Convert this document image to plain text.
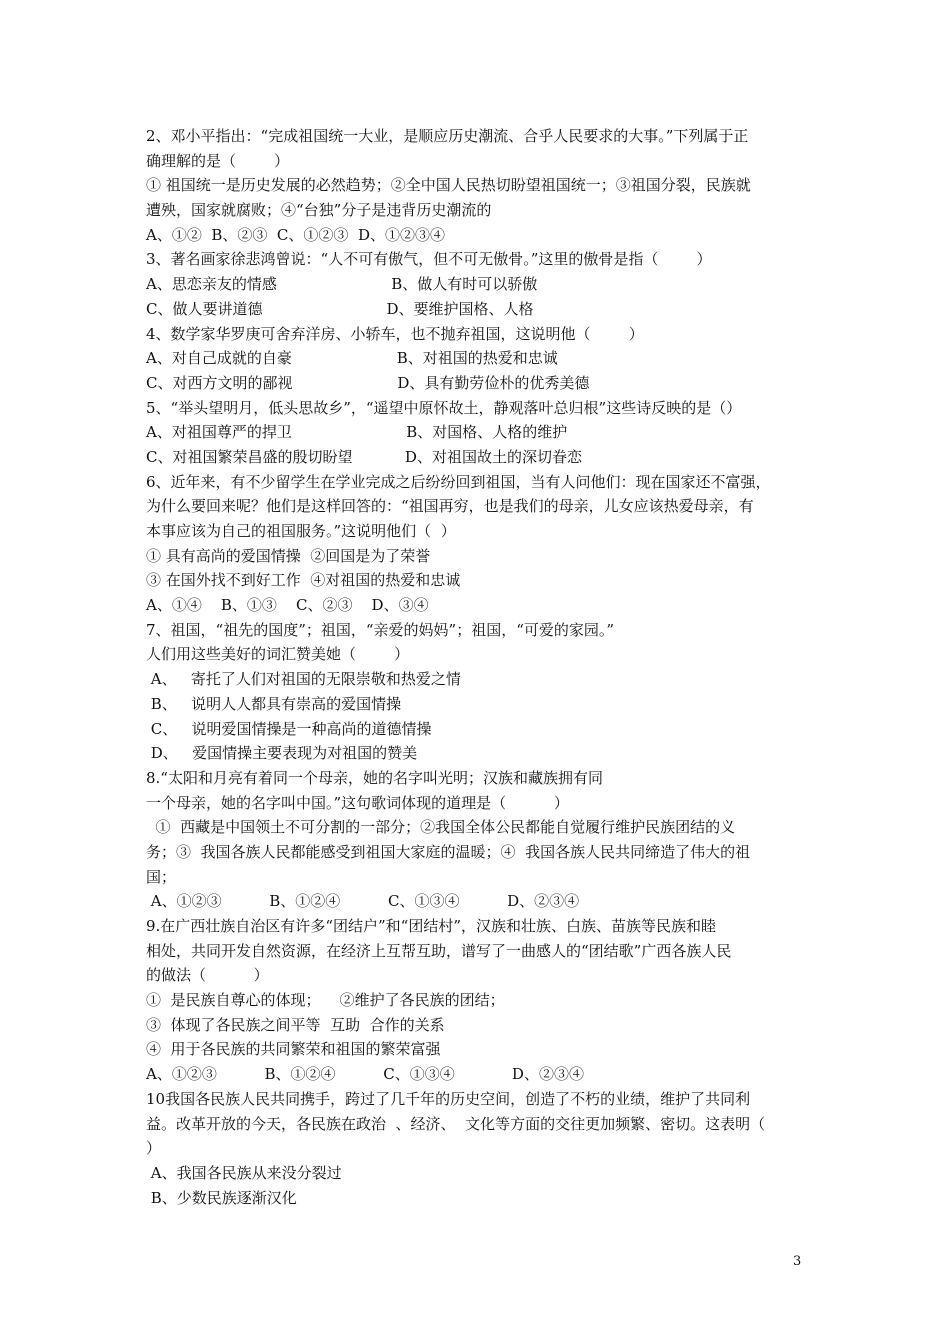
2、邓小平指出：“完成祖国统一大业，是顺应历史潮流、合乎人民要求的大事。”下列属于正
确理解的是（        ）
① 祖国统一是历史发展的必然趋势；②全中国人民热切盼望祖国统一；③祖国分裂，民族就
遭殃，国家就腐败；④“台独”分子是违背历史潮流的
A、①②  B、②③  C、①②③  D、①②③④
3、著名画家徐悲鸿曾说：“人不可有傲气，但不可无傲骨。”这里的傲骨是指（        ）
A、思恋亲友的情感                        B、做人有时可以骄傲
C、做人要讲道德                          D、要维护国格、人格
4、数学家华罗庚可舍弃洋房、小轿车，也不抛弃祖国，这说明他（        ）
A、对自己成就的自豪                      B、对祖国的热爱和忠诚
C、对西方文明的鄙视                      D、具有勤劳俭朴的优秀美德
5、“举头望明月，低头思故乡”，“遥望中原怀故土，静观落叶总归根”这些诗反映的是（）
A、对祖国尊严的捍卫                        B、对国格、人格的维护
C、对祖国繁荣昌盛的殷切盼望           D、对祖国故土的深切眷恋
6、近年来，有不少留学生在学业完成之后纷纷回到祖国，当有人问他们：现在国家还不富强，
为什么要回来呢？他们是这样回答的：“祖国再穷，也是我们的母亲，儿女应该热爱母亲，有
本事应该为自己的祖国服务。”这说明他们（  ）
① 具有高尚的爱国情操  ②回国是为了荣誉
③ 在国外找不到好工作  ④对祖国的热爱和忠诚
A、①④    B、①③    C、②③    D、③④
7、祖国，“祖先的国度”；祖国，“亲爱的妈妈”；祖国，“可爱的家园。”
人们用这些美好的词汇赞美她（        ）
A、   寄托了人们对祖国的无限崇敬和热爱之情
B、   说明人人都具有崇高的爱国情操
C、   说明爱国情操是一种高尚的道德情操
D、   爱国情操主要表现为对祖国的赞美
8.“太阳和月亮有着同一个母亲，她的名字叫光明；汉族和藏族拥有同
一个母亲，她的名字叫中国。”这句歌词体现的道理是（          ）
①  西藏是中国领土不可分割的一部分；②我国全体公民都能自觉履行维护民族团结的义
务；③  我国各族人民都能感受到祖国大家庭的温暖；④  我国各族人民共同缔造了伟大的祖
国；
A、①②③          B、①②④          C、①③④          D、②③④
9.在广西壮族自治区有许多“团结户”和“团结村”，汉族和壮族、白族、苗族等民族和睦
相处，共同开发自然资源，在经济上互帮互助，谱写了一曲感人的“团结歌”广西各族人民
的做法（          ）
①  是民族自尊心的体现；    ②维护了各民族的团结；
③  体现了各民族之间平等  互助  合作的关系
④  用于各民族的共同繁荣和祖国的繁荣富强
A、①②③          B、①②④          C、①③④            D、②③④
10我国各民族人民共同携手，跨过了几千年的历史空间，创造了不朽的业绩，维护了共同利
益。改革开放的今天，各民族在政治  、经济、  文化等方面的交往更加频繁、密切。这表明（
）
A、我国各民族从来没分裂过
B、少数民族逐渐汉化
3
